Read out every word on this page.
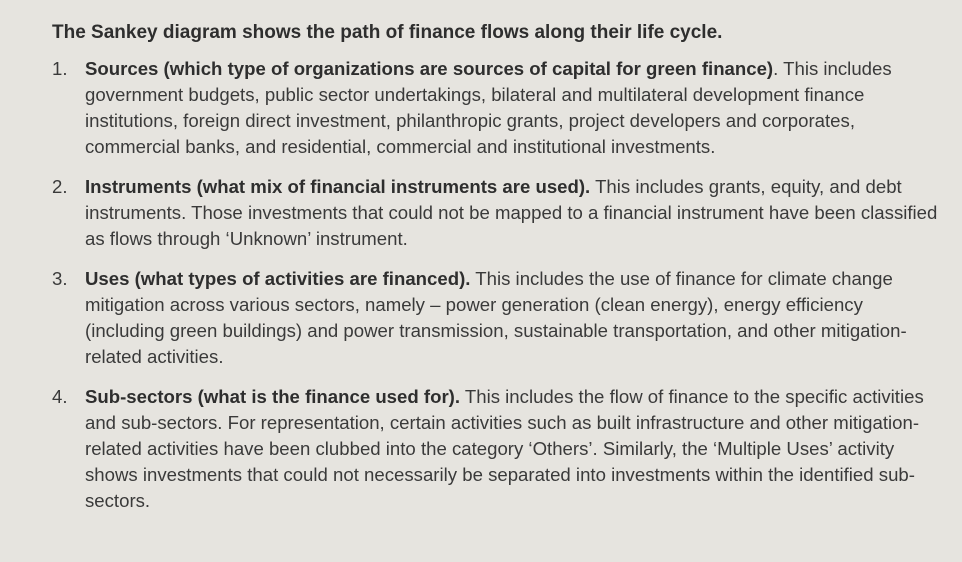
The Sankey diagram shows the path of finance flows along their life cycle.

1. Sources (which type of organizations are sources of capital for green finance). This includes government budgets, public sector undertakings, bilateral and multilateral development finance institutions, foreign direct investment, philanthropic grants, project developers and corporates, commercial banks, and residential, commercial and institutional investments.
2. Instruments (what mix of financial instruments are used). This includes grants, equity, and debt instruments. Those investments that could not be mapped to a financial instrument have been classified as flows through ‘Unknown’ instrument.
3. Uses (what types of activities are financed). This includes the use of finance for climate change mitigation across various sectors, namely – power generation (clean energy), energy efficiency (including green buildings) and power transmission, sustainable transportation, and other mitigation-related activities.
4. Sub-sectors (what is the finance used for). This includes the flow of finance to the specific activities and sub-sectors. For representation, certain activities such as built infrastructure and other mitigation-related activities have been clubbed into the category ‘Others’. Similarly, the ‘Multiple Uses’ activity shows investments that could not necessarily be separated into investments within the identified sub-sectors.
